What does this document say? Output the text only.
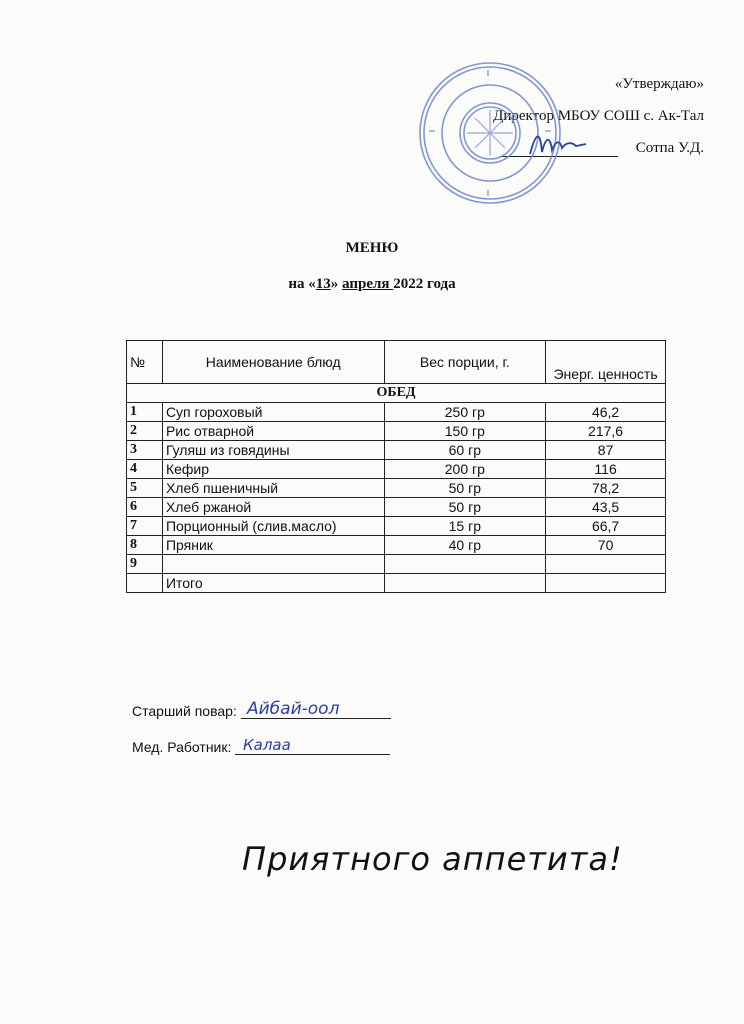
«Утверждаю»
Директор МБОУ СОШ с. Ак-Тал
Сотпа У.Д.
МЕНЮ
на «13» апреля 2022 года
№	Наименование блюд	Вес порции, г.	Энерг. ценность
ОБЕД			
1	Суп гороховый	250 гр	46,2
2	Рис отварной	150 гр	217,6
3	Гуляш из говядины	60 гр	87
4	Кефир	200 гр	116
5	Хлеб пшеничный	50 гр	78,2
6	Хлеб ржаной	50 гр	43,5
7	Порционный (слив.масло)	15 гр	66,7
8	Пряник	40 гр	70
9			
	Итого		
Старший повар: Айбай-оол
Мед. Работник: Калаа
Приятного аппетита!
